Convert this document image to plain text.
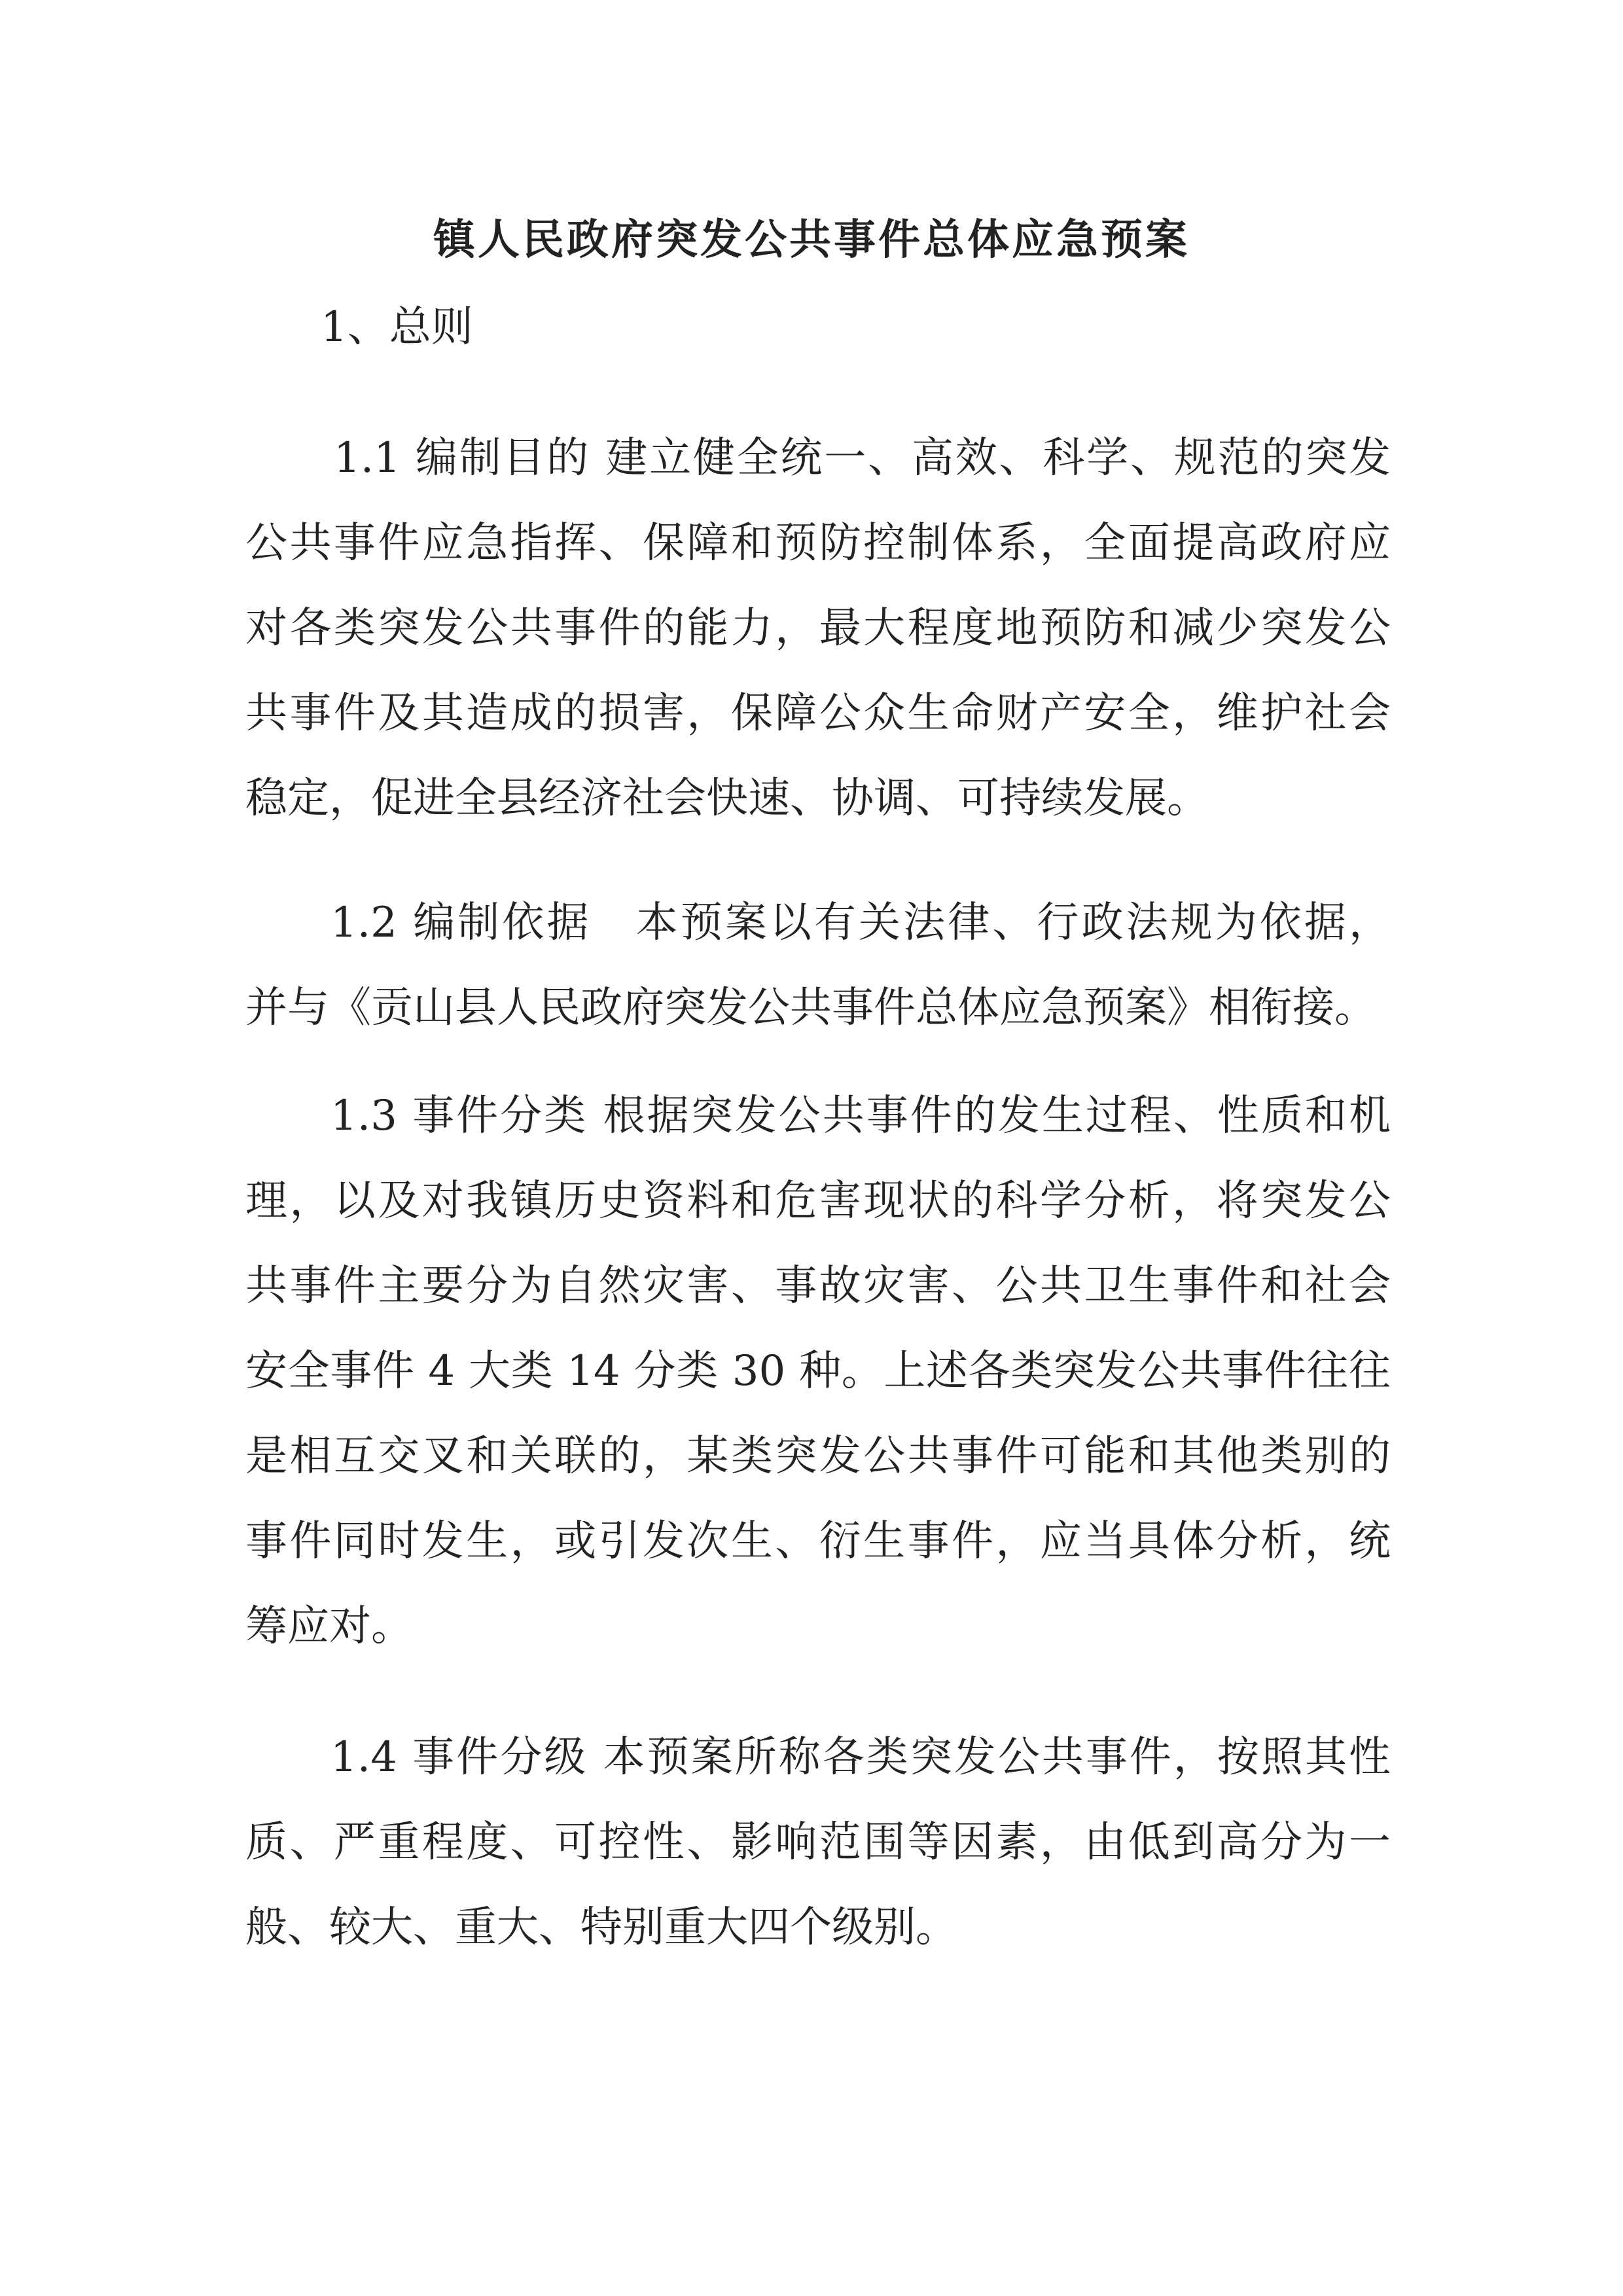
镇人民政府突发公共事件总体应急预案

1、总则

1.1 编制目的 建立健全统一、高效、科学、规范的突发
公共事件应急指挥、保障和预防控制体系，全面提高政府应
对各类突发公共事件的能力，最大程度地预防和减少突发公
共事件及其造成的损害，保障公众生命财产安全，维护社会
稳定，促进全县经济社会快速、协调、可持续发展。
1.2 编制依据　本预案以有关法律、行政法规为依据，
并与《贡山县人民政府突发公共事件总体应急预案》相衔接。
1.3 事件分类 根据突发公共事件的发生过程、性质和机
理，以及对我镇历史资料和危害现状的科学分析，将突发公
共事件主要分为自然灾害、事故灾害、公共卫生事件和社会
安全事件 4 大类 14 分类 30 种。上述各类突发公共事件往往
是相互交叉和关联的，某类突发公共事件可能和其他类别的
事件同时发生，或引发次生、衍生事件，应当具体分析，统
筹应对。
1.4 事件分级 本预案所称各类突发公共事件，按照其性
质、严重程度、可控性、影响范围等因素，由低到高分为一
般、较大、重大、特别重大四个级别。
